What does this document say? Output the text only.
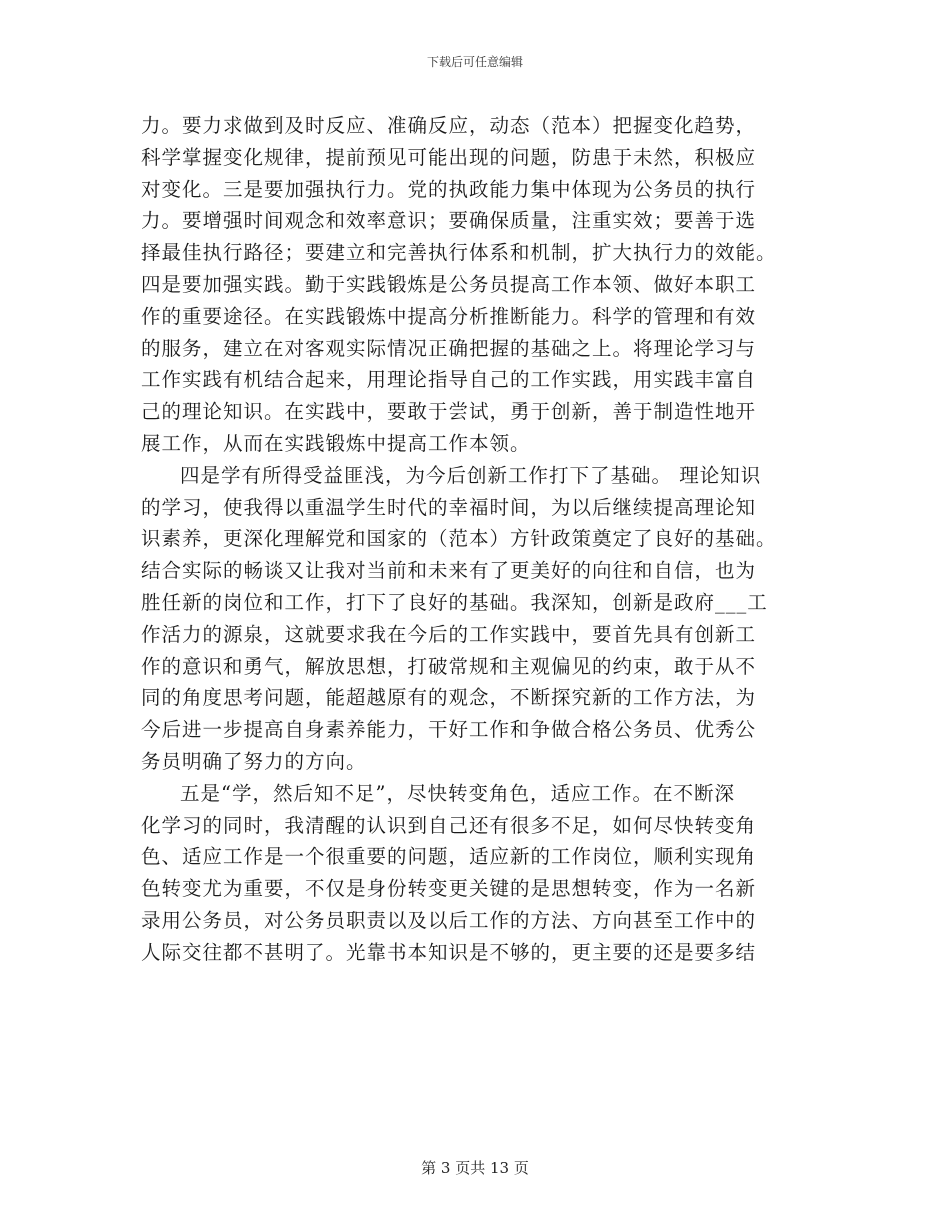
下载后可任意编辑
力。要力求做到及时反应、准确反应，动态（范本）把握变化趋势，
科学掌握变化规律，提前预见可能出现的问题，防患于未然，积极应
对变化。三是要加强执行力。党的执政能力集中体现为公务员的执行
力。要增强时间观念和效率意识；要确保质量，注重实效；要善于选
择最佳执行路径；要建立和完善执行体系和机制，扩大执行力的效能。
四是要加强实践。勤于实践锻炼是公务员提高工作本领、做好本职工
作的重要途径。在实践锻炼中提高分析推断能力。科学的管理和有效
的服务，建立在对客观实际情况正确把握的基础之上。将理论学习与
工作实践有机结合起来，用理论指导自己的工作实践，用实践丰富自
己的理论知识。在实践中，要敢于尝试，勇于创新，善于制造性地开
展工作，从而在实践锻炼中提高工作本领。
四是学有所得受益匪浅，为今后创新工作打下了基础。 理论知识
的学习，使我得以重温学生时代的幸福时间，为以后继续提高理论知
识素养，更深化理解党和国家的（范本）方针政策奠定了良好的基础。
结合实际的畅谈又让我对当前和未来有了更美好的向往和自信，也为
胜任新的岗位和工作，打下了良好的基础。我深知，创新是政府___工
作活力的源泉，这就要求我在今后的工作实践中，要首先具有创新工
作的意识和勇气，解放思想，打破常规和主观偏见的约束，敢于从不
同的角度思考问题，能超越原有的观念，不断探究新的工作方法，为
今后进一步提高自身素养能力，干好工作和争做合格公务员、优秀公
务员明确了努力的方向。
五是“学，然后知不足”，尽快转变角色，适应工作。在不断深
化学习的同时，我清醒的认识到自己还有很多不足，如何尽快转变角
色、适应工作是一个很重要的问题，适应新的工作岗位，顺利实现角
色转变尤为重要，不仅是身份转变更关键的是思想转变，作为一名新
录用公务员，对公务员职责以及以后工作的方法、方向甚至工作中的
人际交往都不甚明了。光靠书本知识是不够的，更主要的还是要多结
第 3 页共 13 页
